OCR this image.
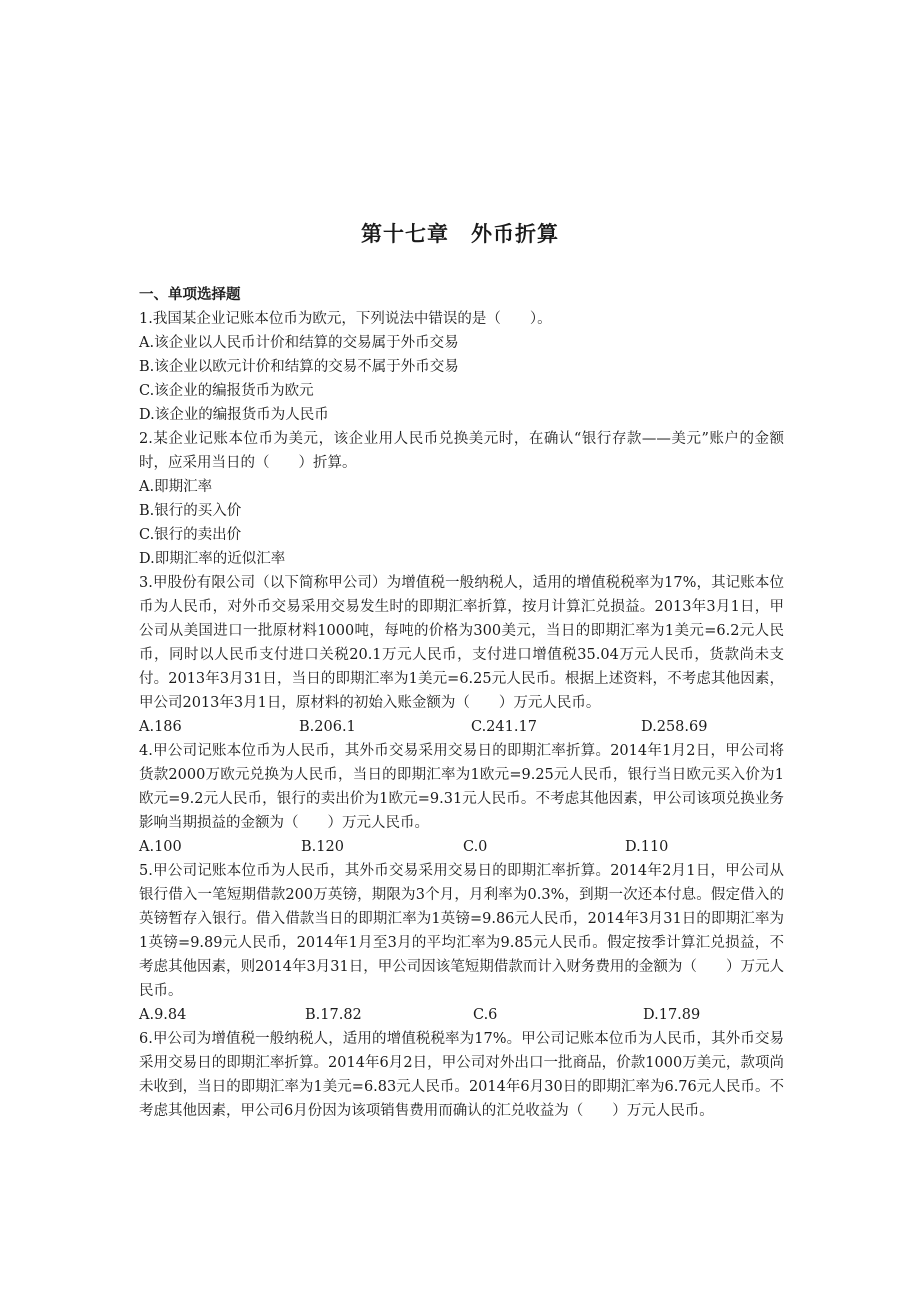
第十七章　外币折算
一、单项选择题

1.我国某企业记账本位币为欧元，下列说法中错误的是（　　）。

A.该企业以人民币计价和结算的交易属于外币交易

B.该企业以欧元计价和结算的交易不属于外币交易

C.该企业的编报货币为欧元

D.该企业的编报货币为人民币

2.某企业记账本位币为美元，该企业用人民币兑换美元时，在确认“银行存款——美元”账户的金额时，应采用当日的（　　）折算。

A.即期汇率

B.银行的买入价

C.银行的卖出价

D.即期汇率的近似汇率

3.甲股份有限公司（以下简称甲公司）为增值税一般纳税人，适用的增值税税率为17%，其记账本位币为人民币，对外币交易采用交易发生时的即期汇率折算，按月计算汇兑损益。2013年3月1日，甲公司从美国进口一批原材料1000吨，每吨的价格为300美元，当日的即期汇率为1美元=6.2元人民币，同时以人民币支付进口关税20.1万元人民币，支付进口增值税35.04万元人民币，货款尚未支付。2013年3月31日，当日的即期汇率为1美元=6.25元人民币。根据上述资料，不考虑其他因素，甲公司2013年3月1日，原材料的初始入账金额为（　　）万元人民币。

A.186	B.206.1	C.241.17	D.258.69

4.甲公司记账本位币为人民币，其外币交易采用交易日的即期汇率折算。2014年1月2日，甲公司将货款2000万欧元兑换为人民币，当日的即期汇率为1欧元=9.25元人民币，银行当日欧元买入价为1欧元=9.2元人民币，银行的卖出价为1欧元=9.31元人民币。不考虑其他因素，甲公司该项兑换业务影响当期损益的金额为（　　）万元人民币。

A.100	B.120	C.0	D.110

5.甲公司记账本位币为人民币，其外币交易采用交易日的即期汇率折算。2014年2月1日，甲公司从银行借入一笔短期借款200万英镑，期限为3个月，月利率为0.3%，到期一次还本付息。假定借入的英镑暂存入银行。借入借款当日的即期汇率为1英镑=9.86元人民币，2014年3月31日的即期汇率为1英镑=9.89元人民币，2014年1月至3月的平均汇率为9.85元人民币。假定按季计算汇兑损益，不考虑其他因素，则2014年3月31日，甲公司因该笔短期借款而计入财务费用的金额为（　　）万元人民币。

A.9.84	B.17.82	C.6	D.17.89

6.甲公司为增值税一般纳税人，适用的增值税税率为17%。甲公司记账本位币为人民币，其外币交易采用交易日的即期汇率折算。2014年6月2日，甲公司对外出口一批商品，价款1000万美元，款项尚未收到，当日的即期汇率为1美元=6.83元人民币。2014年6月30日的即期汇率为6.76元人民币。不考虑其他因素，甲公司6月份因为该项销售费用而确认的汇兑收益为（　　）万元人民币。
